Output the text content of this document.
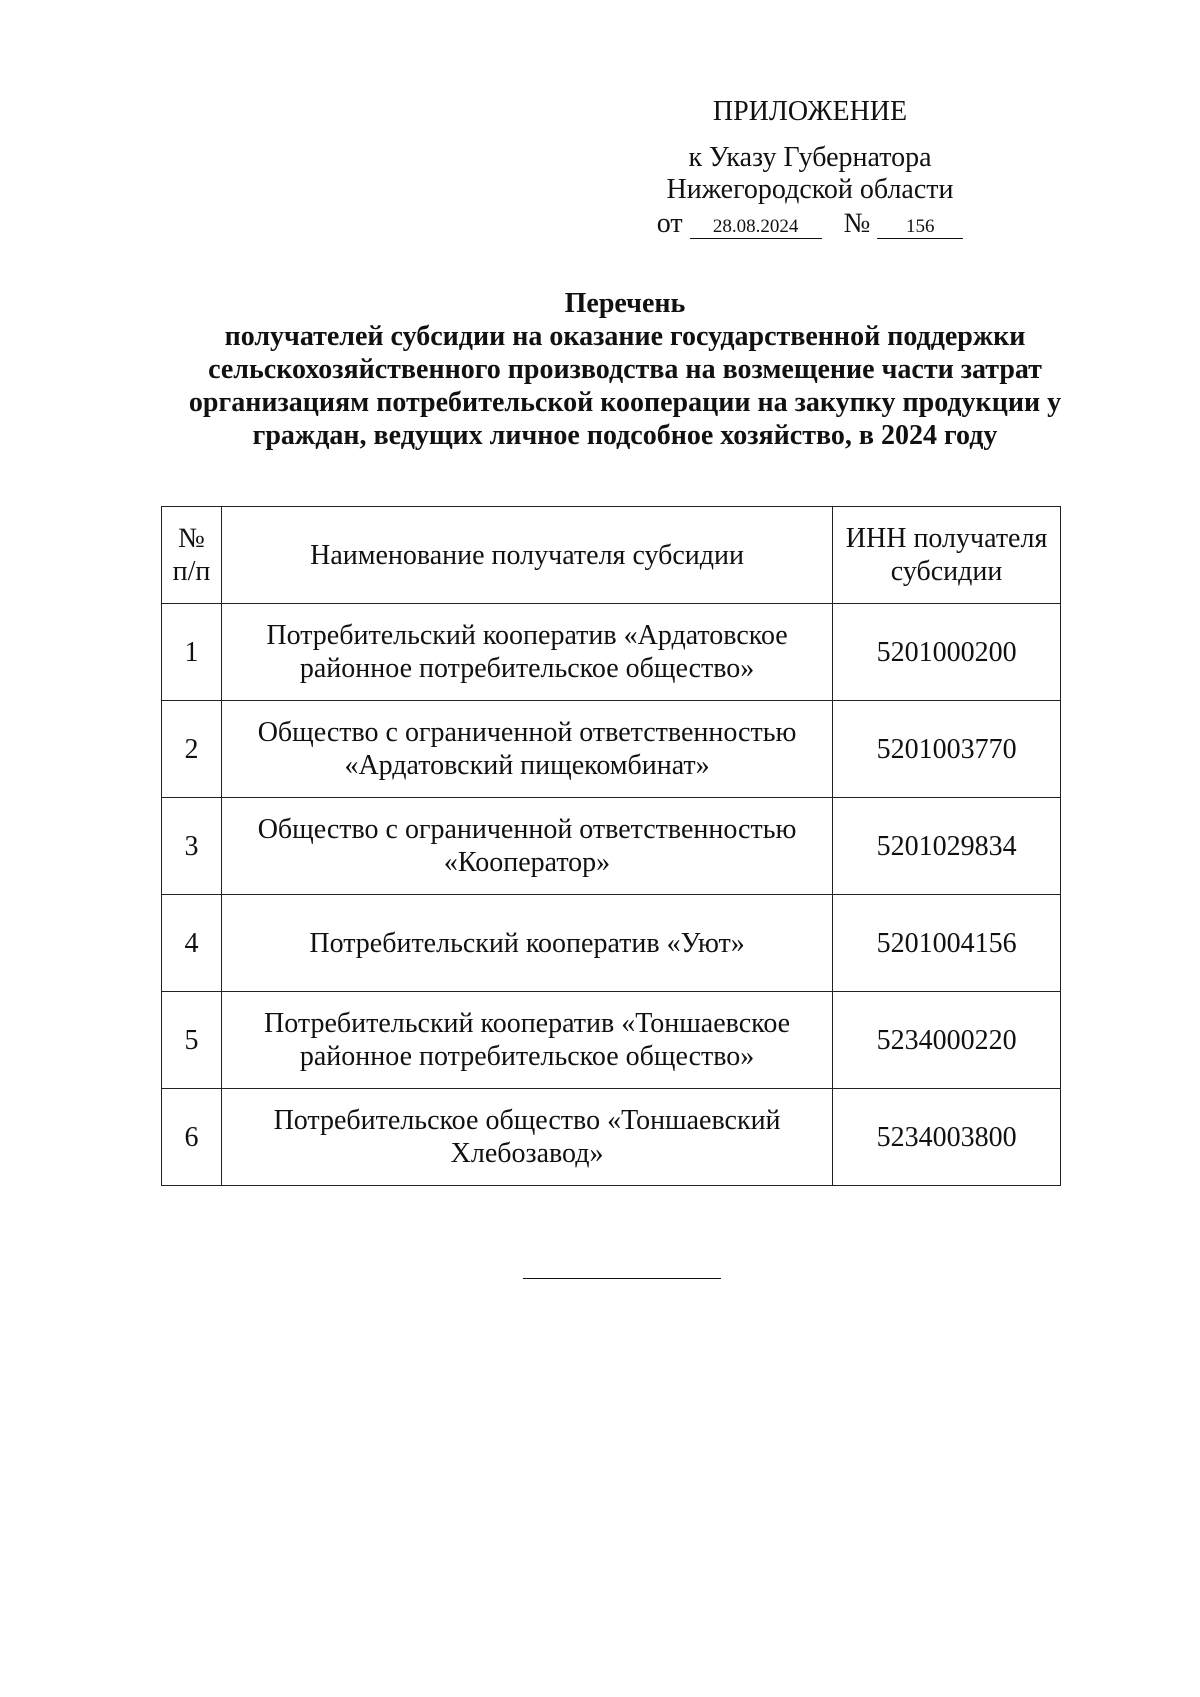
ПРИЛОЖЕНИЕ
к Указу Губернатора
Нижегородской области
от 28.08.2024 № 156
Перечень
получателей субсидии на оказание государственной поддержки сельскохозяйственного производства на возмещение части затрат организациям потребительской кооперации на закупку продукции у граждан, ведущих личное подсобное хозяйство, в 2024 году
№ п/п	Наименование получателя субсидии	ИНН получателя субсидии
1	Потребительский кооператив «Ардатовское районное потребительское общество»	5201000200
2	Общество с ограниченной ответственностью «Ардатовский пищекомбинат»	5201003770
3	Общество с ограниченной ответственностью «Кооператор»	5201029834
4	Потребительский кооператив «Уют»	5201004156
5	Потребительский кооператив «Тоншаевское районное потребительское общество»	5234000220
6	Потребительское общество «Тоншаевский Хлебозавод»	5234003800
